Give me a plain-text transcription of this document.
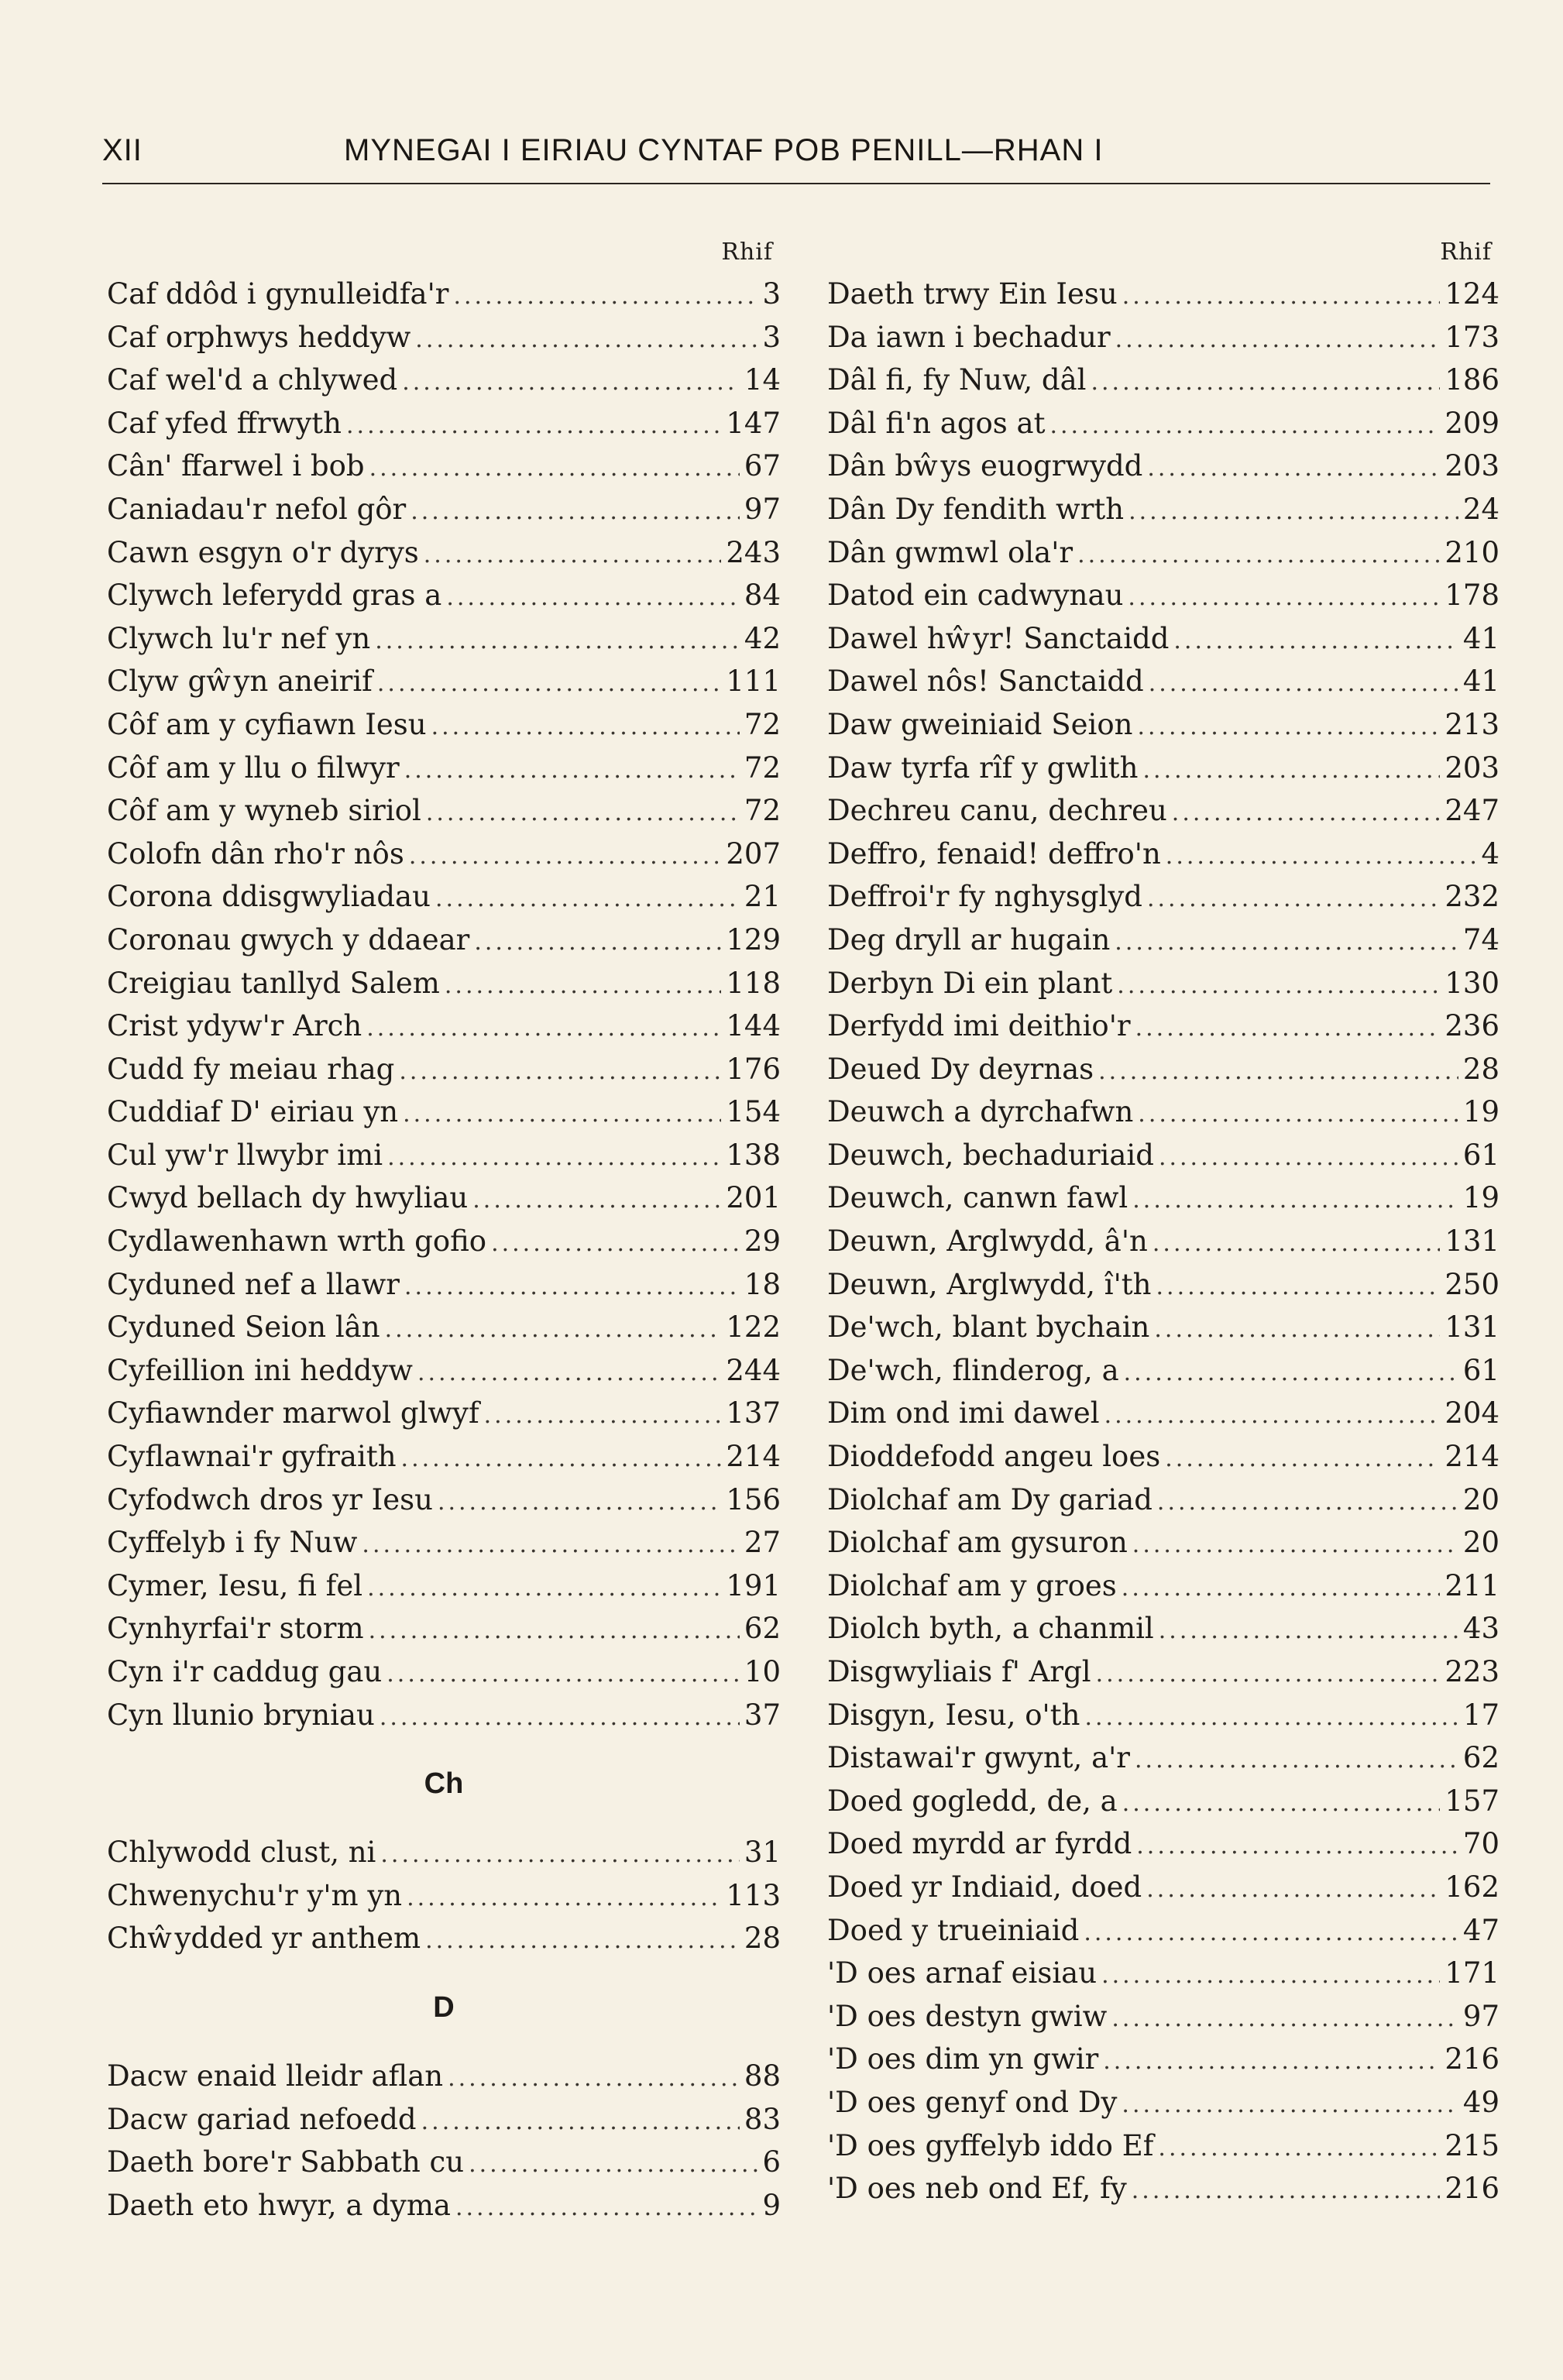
XII	MYNEGAI I EIRIAU CYNTAF POB PENILL—RHAN I
Rhif
Caf ddôd i gynulleidfa'r .....	3
Caf orphwys heddyw .....	3
Caf wel'd a chlywed .....	14
Caf yfed ffrwyth .....	147
Cân' ffarwel i bob .....	67
Caniadau'r nefol gôr .....	97
Cawn esgyn o'r dyrys .....	243
Clywch leferydd gras a .....	84
Clywch lu'r nef yn .....	42
Clyw gŵyn aneirif .....	111
Côf am y cyfiawn Iesu .....	72
Côf am y llu o filwyr .....	72
Côf am y wyneb siriol .....	72
Colofn dân rho'r nôs .....	207
Corona ddisgwyliadau .....	21
Coronau gwych y ddaear .....	129
Creigiau tanllyd Salem .....	118
Crist ydyw'r Arch .....	144
Cudd fy meiau rhag .....	176
Cuddiaf D' eiriau yn .....	154
Cul yw'r llwybr imi .....	138
Cwyd bellach dy hwyliau .....	201
Cydlawenhawn wrth gofio .....	29
Cyduned nef a llawr .....	18
Cyduned Seion lân .....	122
Cyfeillion ini heddyw .....	244
Cyfiawnder marwol glwyf .....	137
Cyflawnai'r gyfraith .....	214
Cyfodwch dros yr Iesu .....	156
Cyffelyb i fy Nuw .....	27
Cymer, Iesu, fi fel .....	191
Cynhyrfai'r storm .....	62
Cyn i'r caddug gau .....	10
Cyn llunio bryniau .....	37
Ch
Chlywodd clust, ni .....	31
Chwenychu'r y'm yn .....	113
Chŵydded yr anthem .....	28
D
Dacw enaid lleidr aflan .....	88
Dacw gariad nefoedd .....	83
Daeth bore'r Sabbath cu .....	6
Daeth eto hwyr, a dyma .....	9
Rhif
Daeth trwy Ein Iesu .....	124
Da iawn i bechadur .....	173
Dâl fi, fy Nuw, dâl .....	186
Dâl fi'n agos at .....	209
Dân bŵys euogrwydd .....	203
Dân Dy fendith wrth .....	24
Dân gwmwl ola'r .....	210
Datod ein cadwynau .....	178
Dawel hŵyr! Sanctaidd .....	41
Dawel nôs! Sanctaidd .....	41
Daw gweiniaid Seion .....	213
Daw tyrfa rîf y gwlith .....	203
Dechreu canu, dechreu .....	247
Deffro, fenaid! deffro'n .....	4
Deffroi'r fy nghysglyd .....	232
Deg dryll ar hugain .....	74
Derbyn Di ein plant .....	130
Derfydd imi deithio'r .....	236
Deued Dy deyrnas .....	28
Deuwch a dyrchafwn .....	19
Deuwch, bechaduriaid .....	61
Deuwch, canwn fawl .....	19
Deuwn, Arglwydd, â'n .....	131
Deuwn, Arglwydd, î'th .....	250
De'wch, blant bychain .....	131
De'wch, flinderog, a .....	61
Dim ond imi dawel .....	204
Dioddefodd angeu loes .....	214
Diolchaf am Dy gariad .....	20
Diolchaf am gysuron .....	20
Diolchaf am y groes .....	211
Diolch byth, a chanmil .....	43
Disgwyliais f' Argl .....	223
Disgyn, Iesu, o'th .....	17
Distawai'r gwynt, a'r .....	62
Doed gogledd, de, a .....	157
Doed myrdd ar fyrdd .....	70
Doed yr Indiaid, doed .....	162
Doed y trueiniaid .....	47
'D oes arnaf eisiau .....	171
'D oes destyn gwiw .....	97
'D oes dim yn gwir .....	216
'D oes genyf ond Dy .....	49
'D oes gyffelyb iddo Ef .....	215
'D oes neb ond Ef, fy .....	216
